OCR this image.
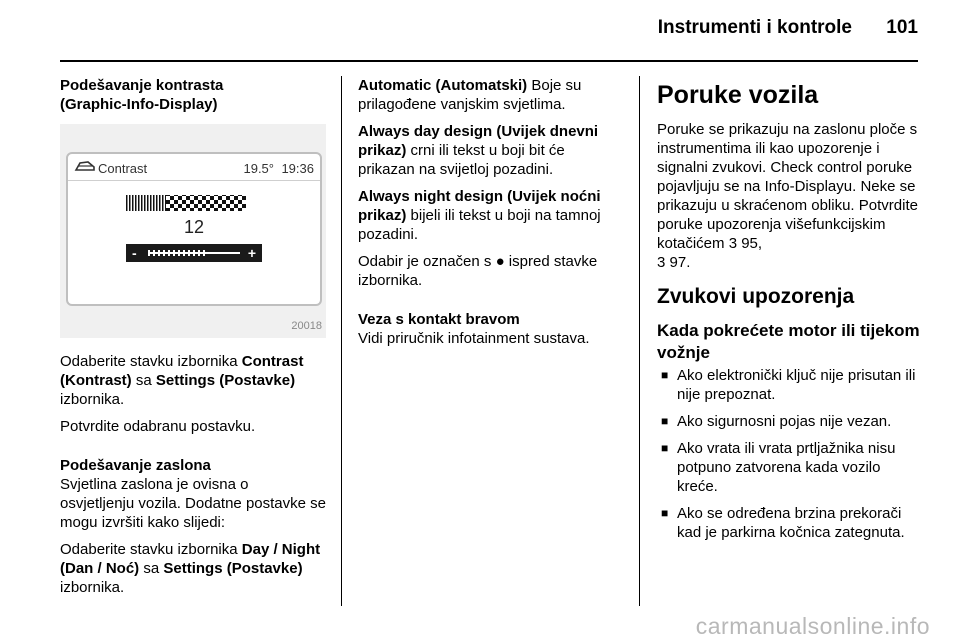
Instrumenti i kontrole 101

Podešavanje kontrasta
(Graphic-Info-Display)

Contrast	19.5° 19:36
12
-	+
20018

Odaberite stavku izbornika Contrast (Kontrast) sa Settings (Postavke) izbornika.

Potvrdite odabranu postavku.

Podešavanje zaslona

Svjetlina zaslona je ovisna o osvjetljenju vozila. Dodatne postavke se mogu izvršiti kako slijedi:

Odaberite stavku izbornika Day / Night (Dan / Noć) sa Settings (Postavke) izbornika.

Automatic (Automatski) Boje su prilagođene vanjskim svjetlima.

Always day design (Uvijek dnevni prikaz) crni ili tekst u boji bit će prikazan na svijetloj pozadini.

Always night design (Uvijek noćni prikaz) bijeli ili tekst u boji na tamnoj pozadini.

Odabir je označen s ● ispred stavke izbornika.

Veza s kontakt bravom

Vidi priručnik infotainment sustava.

Poruke vozila

Poruke se prikazuju na zaslonu ploče s instrumentima ili kao upozorenje i signalni zvukovi. Check control poruke pojavljuju se na Info-Displayu. Neke se prikazuju u skraćenom obliku. Potvrdite poruke upozorenja višefunkcijskim kotačićem 3 95,
3 97.

Zvukovi upozorenja
Kada pokrećete motor ili tijekom vožnje
■ Ako elektronički ključ nije prisutan ili nije prepoznat.
■ Ako sigurnosni pojas nije vezan.
■ Ako vrata ili vrata prtljažnika nisu potpuno zatvorena kada vozilo kreće.
■ Ako se određena brzina prekorači kad je parkirna kočnica zategnuta.
carmanualsonline.info
